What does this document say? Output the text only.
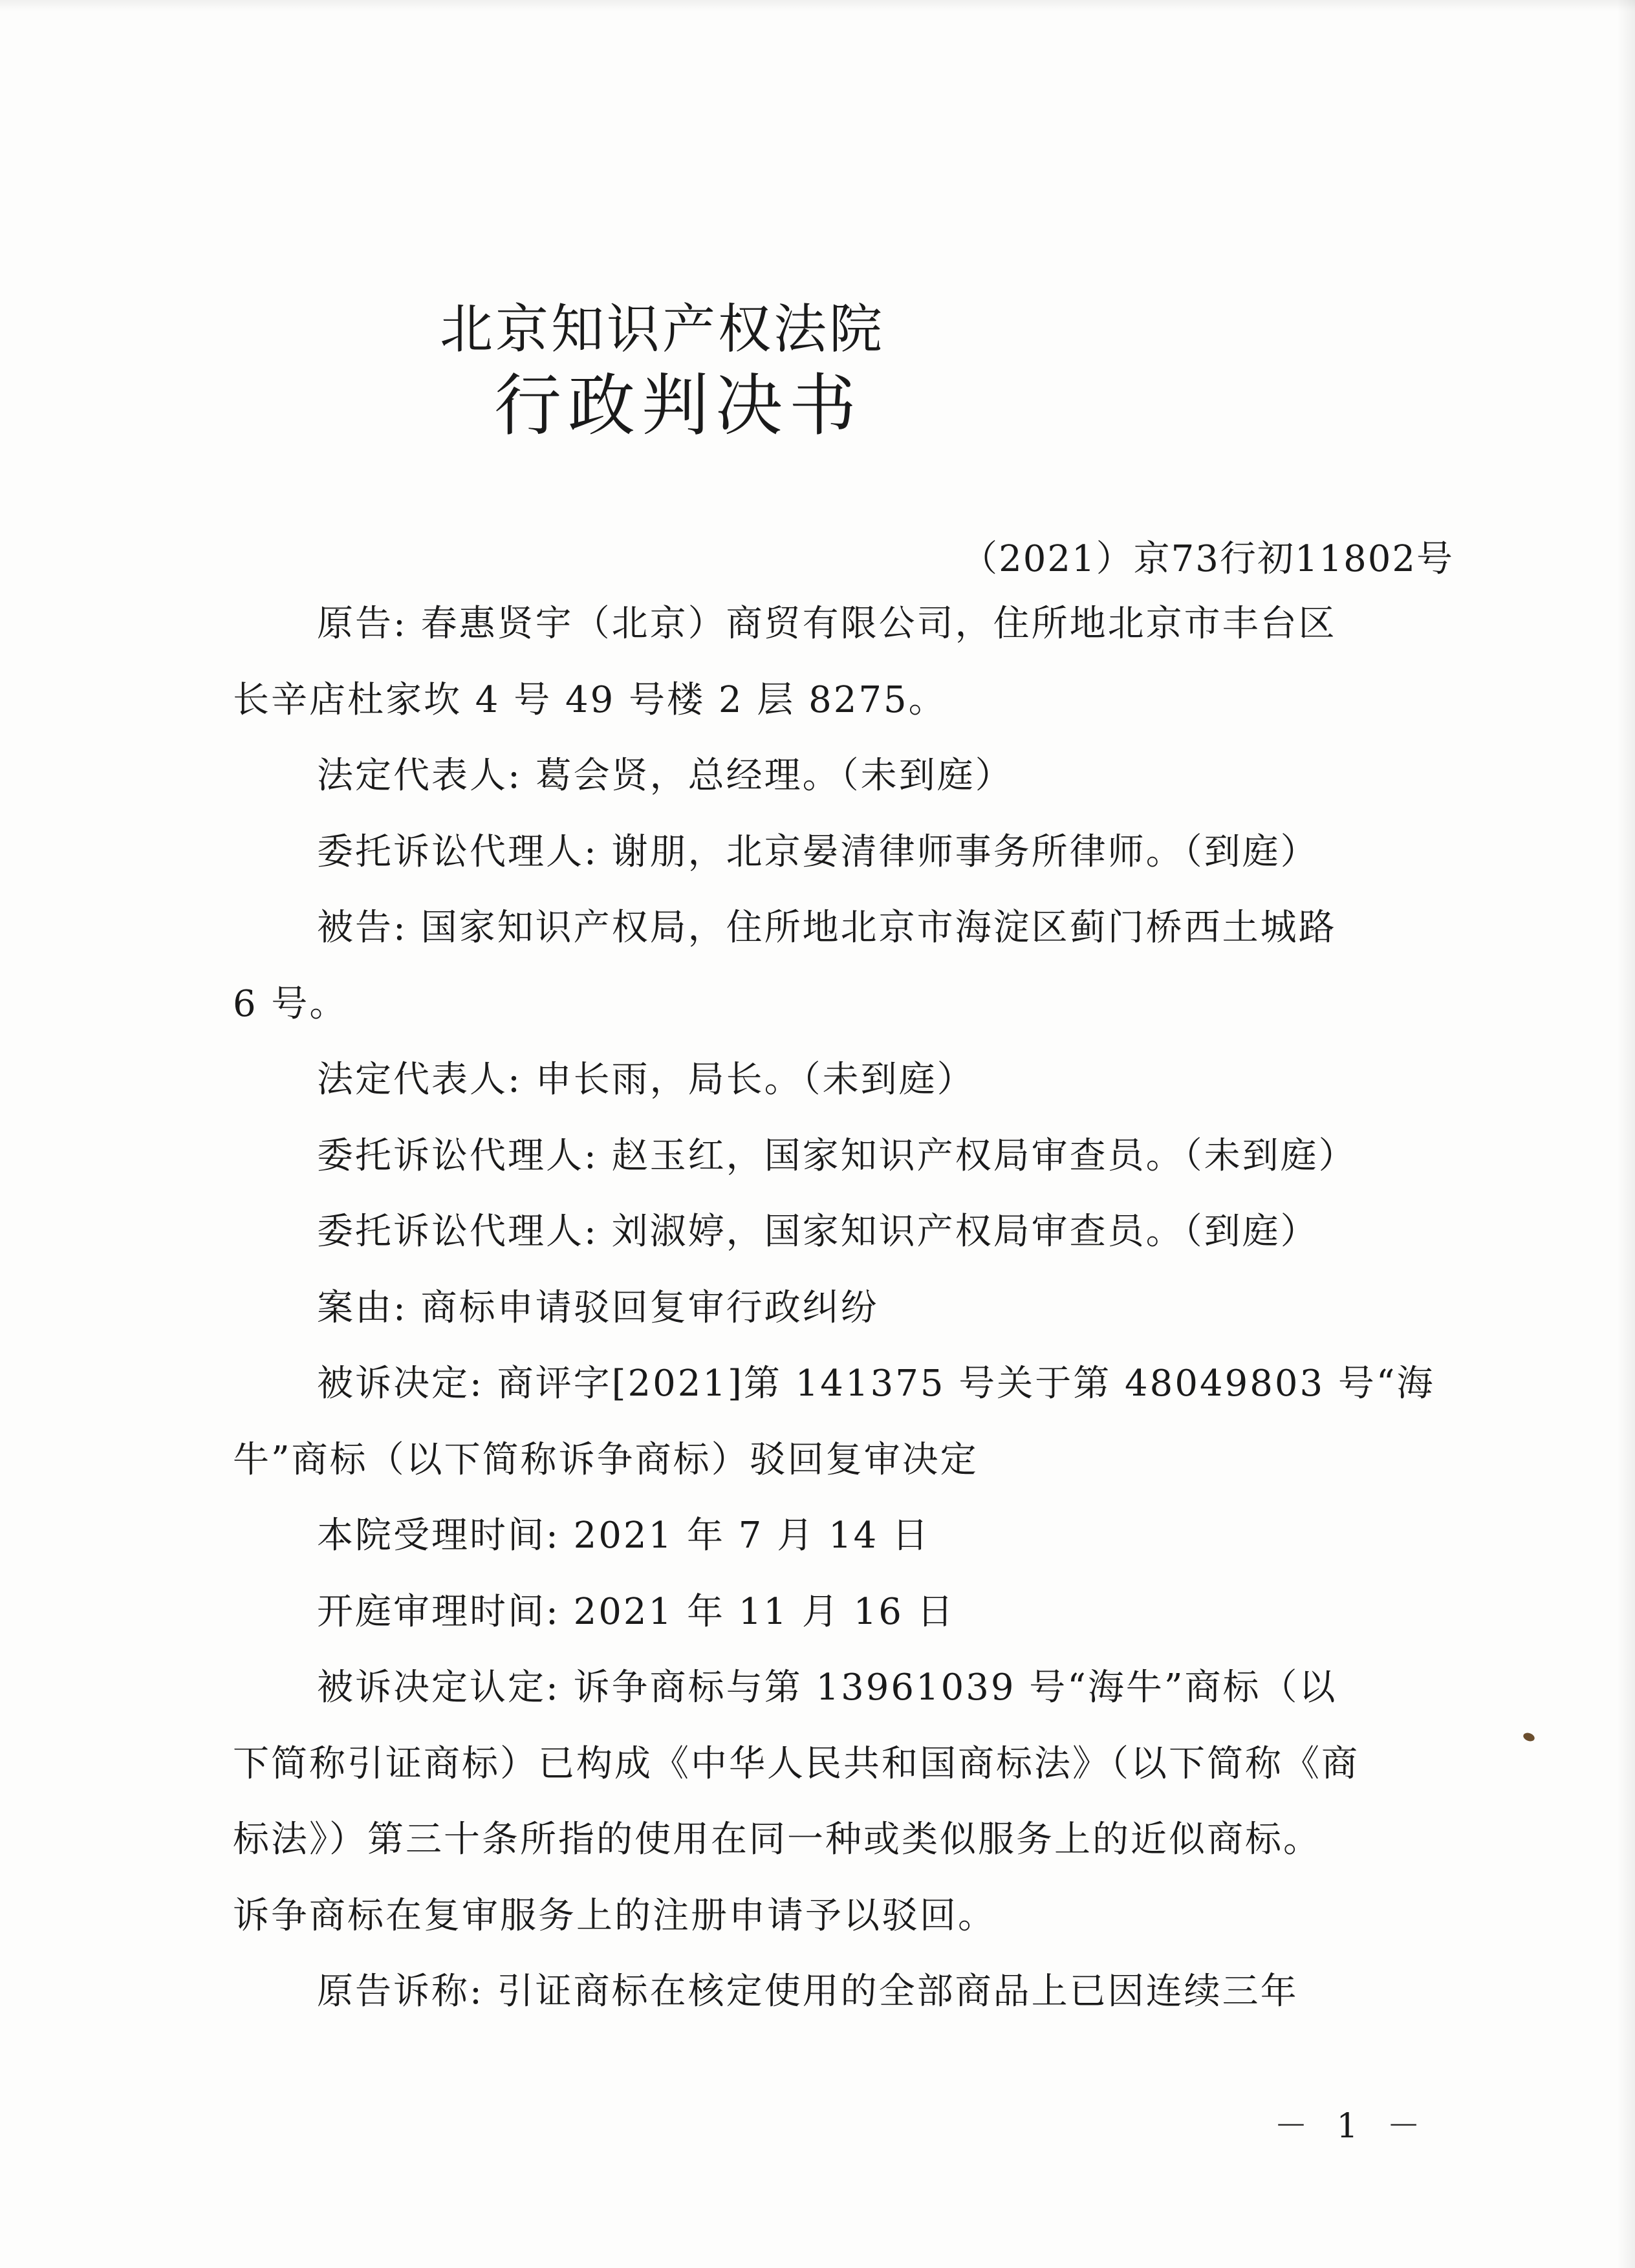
北京知识产权法院
行政判决书
（2021）京73行初11802号
原告: 春惠贤宇（北京）商贸有限公司，住所地北京市丰台区
长辛店杜家坎 4 号 49 号楼 2 层 8275。
法定代表人: 葛会贤，总经理。（未到庭）
委托诉讼代理人: 谢朋，北京晏清律师事务所律师。（到庭）
被告: 国家知识产权局，住所地北京市海淀区蓟门桥西土城路
6 号。
法定代表人: 申长雨，局长。（未到庭）
委托诉讼代理人: 赵玉红，国家知识产权局审查员。（未到庭）
委托诉讼代理人: 刘淑婷，国家知识产权局审查员。（到庭）
案由: 商标申请驳回复审行政纠纷
被诉决定: 商评字[2021]第 141375 号关于第 48049803 号“海
牛”商标（以下简称诉争商标）驳回复审决定
本院受理时间: 2021 年 7 月 14 日
开庭审理时间: 2021 年 11 月 16 日
被诉决定认定: 诉争商标与第 13961039 号“海牛”商标（以
下简称引证商标）已构成《中华人民共和国商标法》（以下简称《商
标法》）第三十条所指的使用在同一种或类似服务上的近似商标。
诉争商标在复审服务上的注册申请予以驳回。
原告诉称: 引证商标在核定使用的全部商品上已因连续三年
－ 1 －
